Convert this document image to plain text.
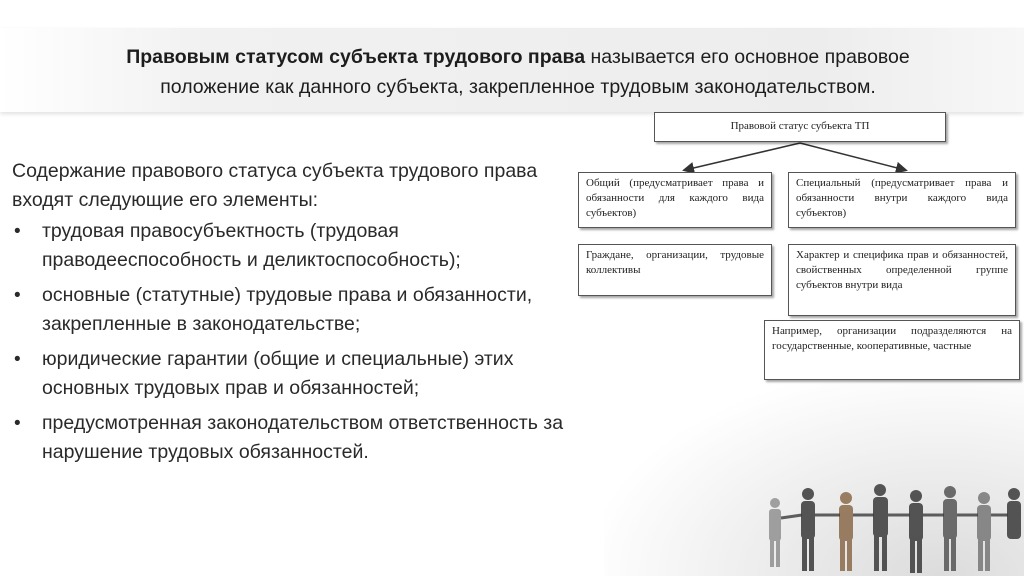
Правовым статусом субъекта трудового права называется его основное правовое
положение как данного субъекта, закрепленное трудовым законодательством.

Содержание правового статуса субъекта трудового права входят следующие его элементы:

• трудовая правосубъектность (трудовая праводееспособность и деликтоспособность);
• основные (статутные) трудовые права и обязанности, закрепленные в законодательстве;
• юридические гарантии (общие и специальные) этих основных трудовых прав и обязанностей;
• предусмотренная законодательством ответственность за нарушение трудовых обязанностей.
Правовой статус субъекта ТП
Общий (предусматривает права и обязанности для каждого вида субъектов)
Специальный (предусматривает права и обязанности внутри каждого вида субъектов)
Граждане, организации, трудовые коллективы
Характер и специфика прав и обязанностей, свойственных определенной группе субъектов внутри вида
Например, организации подразделяются на государственные, кооперативные, частные
